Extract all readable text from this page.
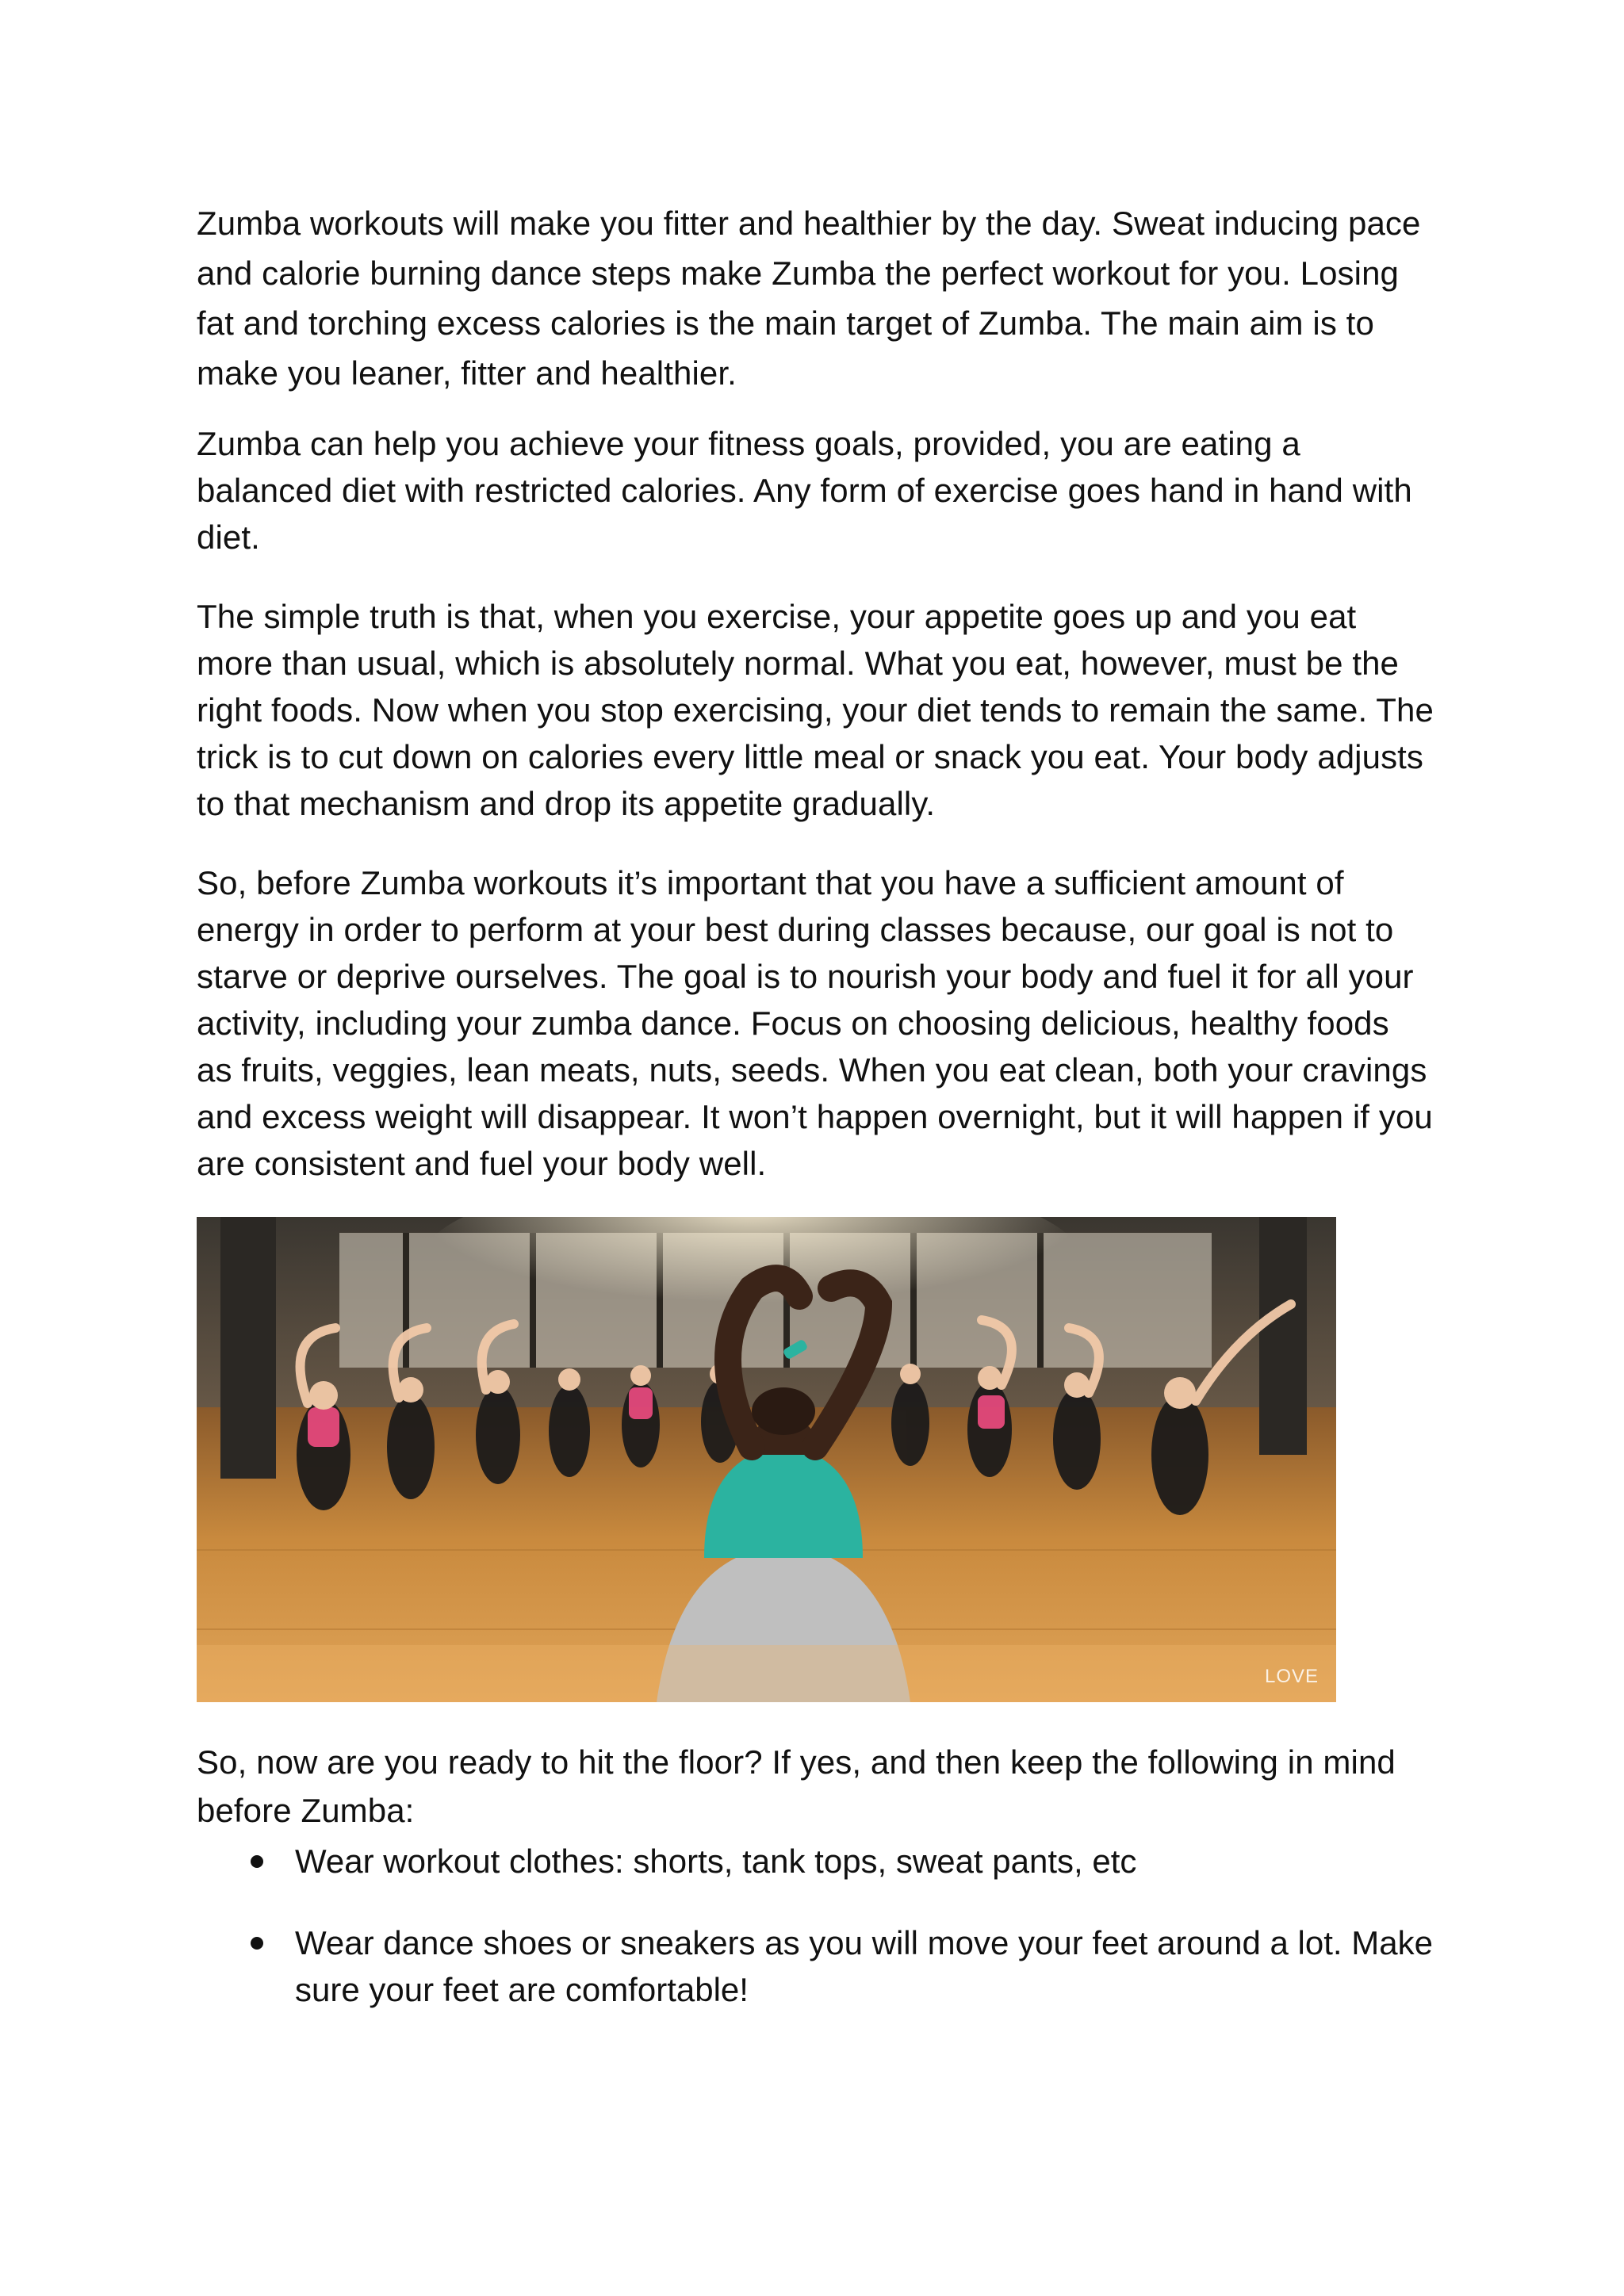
Zumba workouts will make you fitter and healthier by the day. Sweat inducing pace and calorie burning dance steps make Zumba the perfect workout for you. Losing fat and torching excess calories is the main target of Zumba. The main aim is to make you leaner, fitter and healthier.

Zumba can help you achieve your fitness goals, provided, you are eating a balanced diet with restricted calories. Any form of exercise goes hand in hand with diet.

The simple truth is that, when you exercise, your appetite goes up and you eat more than usual, which is absolutely normal. What you eat, however, must be the right foods. Now when you stop exercising, your diet tends to remain the same. The trick is to cut down on calories every little meal or snack you eat. Your body adjusts to that mechanism and drop its appetite gradually.

So, before Zumba workouts it’s important that you have a sufficient amount of energy in order to perform at your best during classes because, our goal is not to starve or deprive ourselves. The goal is to nourish your body and fuel it for all your activity, including your zumba dance. Focus on choosing delicious, healthy foods as fruits, veggies, lean meats, nuts, seeds. When you eat clean, both your cravings and excess weight will disappear. It won’t happen overnight, but it will happen if you are consistent and fuel your body well.

LOVE

So, now are you ready to hit the floor? If yes, and then keep the following in mind before Zumba:

Wear workout clothes: shorts, tank tops, sweat pants, etc
Wear dance shoes or sneakers as you will move your feet around a lot. Make sure your feet are comfortable!
